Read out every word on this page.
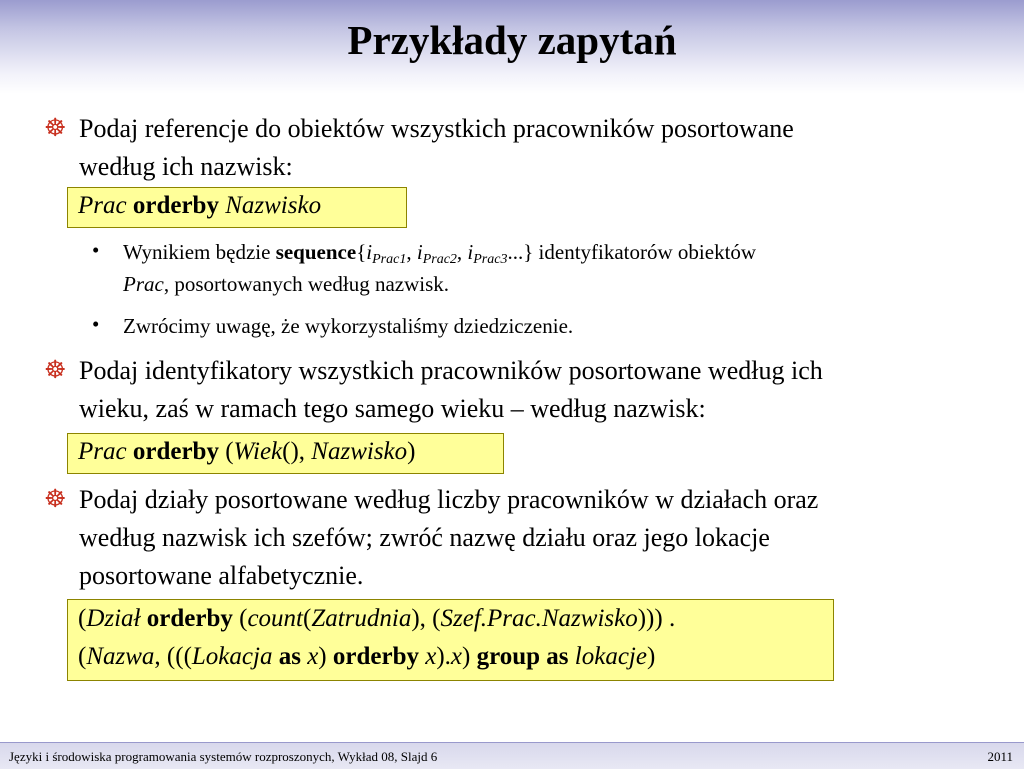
Przykłady zapytań
☸ Podaj referencje do obiektów wszystkich pracowników posortowane
według ich nazwisk:
Prac orderby Nazwisko
• Wynikiem będzie $sequence\{i_{Prac1}$, $i_{Prac2}$, $i_{Prac3}$...} identyfikatorów obiektów
Prac, posortowanych według nazwisk.
• Zwrócimy uwagę, że wykorzystaliśmy dziedziczenie.
☸ Podaj identyfikatory wszystkich pracowników posortowane według ich
wieku, zaś w ramach tego samego wieku – według nazwisk:
Prac orderby (Wiek(), Nazwisko)
☸ Podaj działy posortowane według liczby pracowników w działach oraz
według nazwisk ich szefów; zwróć nazwę działu oraz jego lokacje
posortowane alfabetycznie.
(Dział orderby (count(Zatrudnia), (Szef.Prac.Nazwisko))) .
(Nazwa, (((Lokacja as x) orderby x).x) group as lokacje)
Języki i środowiska programowania systemów rozproszonych, Wykład 08, Slajd 6	2011
